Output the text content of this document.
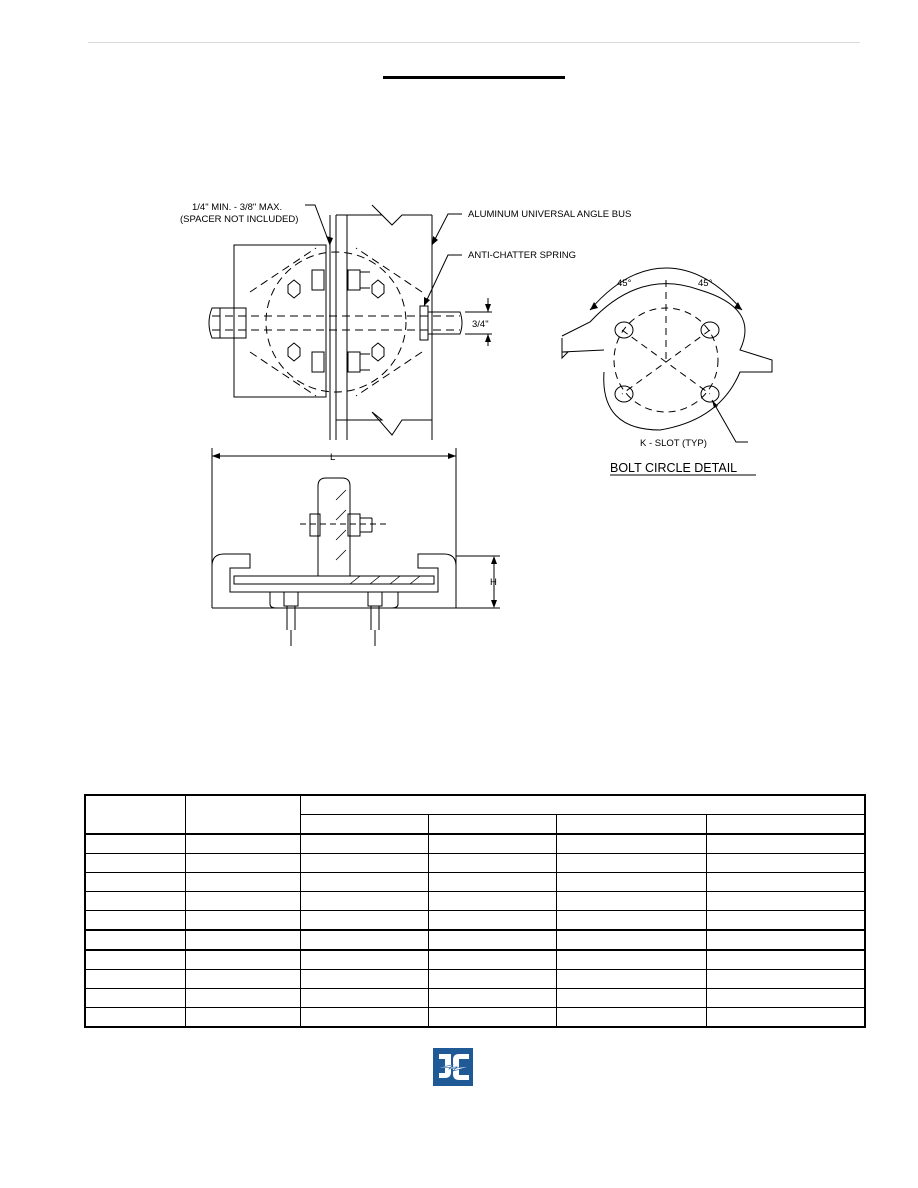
1/4" MIN. - 3/8" MAX.
(SPACER NOT INCLUDED)	ALUMINUM UNIVERSAL ANGLE BUS
ANTI-CHATTER SPRING
3/4"
45°	45°
K - SLOT (TYP)
L
H
BOLT CIRCLE DETAIL
